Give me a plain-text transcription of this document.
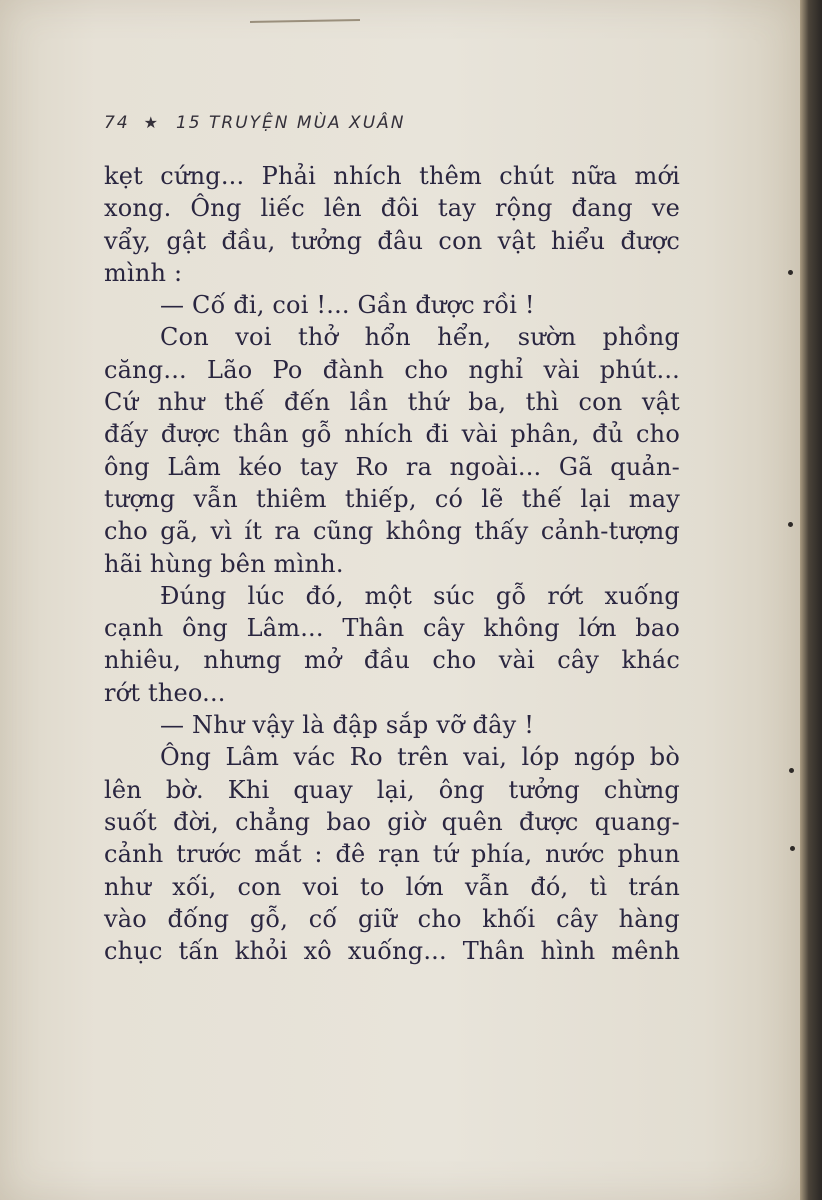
74 ★ 15 TRUYỆN MÙA XUÂN
kẹt cứng... Phải nhích thêm chút nữa mới
xong. Ông liếc lên đôi tay rộng đang ve
vẩy, gật đầu, tưởng đâu con vật hiểu được
mình :
— Cố đi, coi !... Gần được rồi !
Con voi thở hổn hển, sườn phồng
căng... Lão Po đành cho nghỉ vài phút...
Cứ như thế đến lần thứ ba, thì con vật
đấy được thân gỗ nhích đi vài phân, đủ cho
ông Lâm kéo tay Ro ra ngoài... Gã quản-
tượng vẫn thiêm thiếp, có lẽ thế lại may
cho gã, vì ít ra cũng không thấy cảnh-tượng
hãi hùng bên mình.
Đúng lúc đó, một súc gỗ rớt xuống
cạnh ông Lâm... Thân cây không lớn bao
nhiêu, nhưng mở đầu cho vài cây khác
rớt theo...
— Như vậy là đập sắp vỡ đây !
Ông Lâm vác Ro trên vai, lóp ngóp bò
lên bờ. Khi quay lại, ông tưởng chừng
suốt đời, chẳng bao giờ quên được quang-
cảnh trước mắt : đê rạn tứ phía, nước phun
như xối, con voi to lớn vẫn đó, tì trán
vào đống gỗ, cố giữ cho khối cây hàng
chục tấn khỏi xô xuống... Thân hình mênh
